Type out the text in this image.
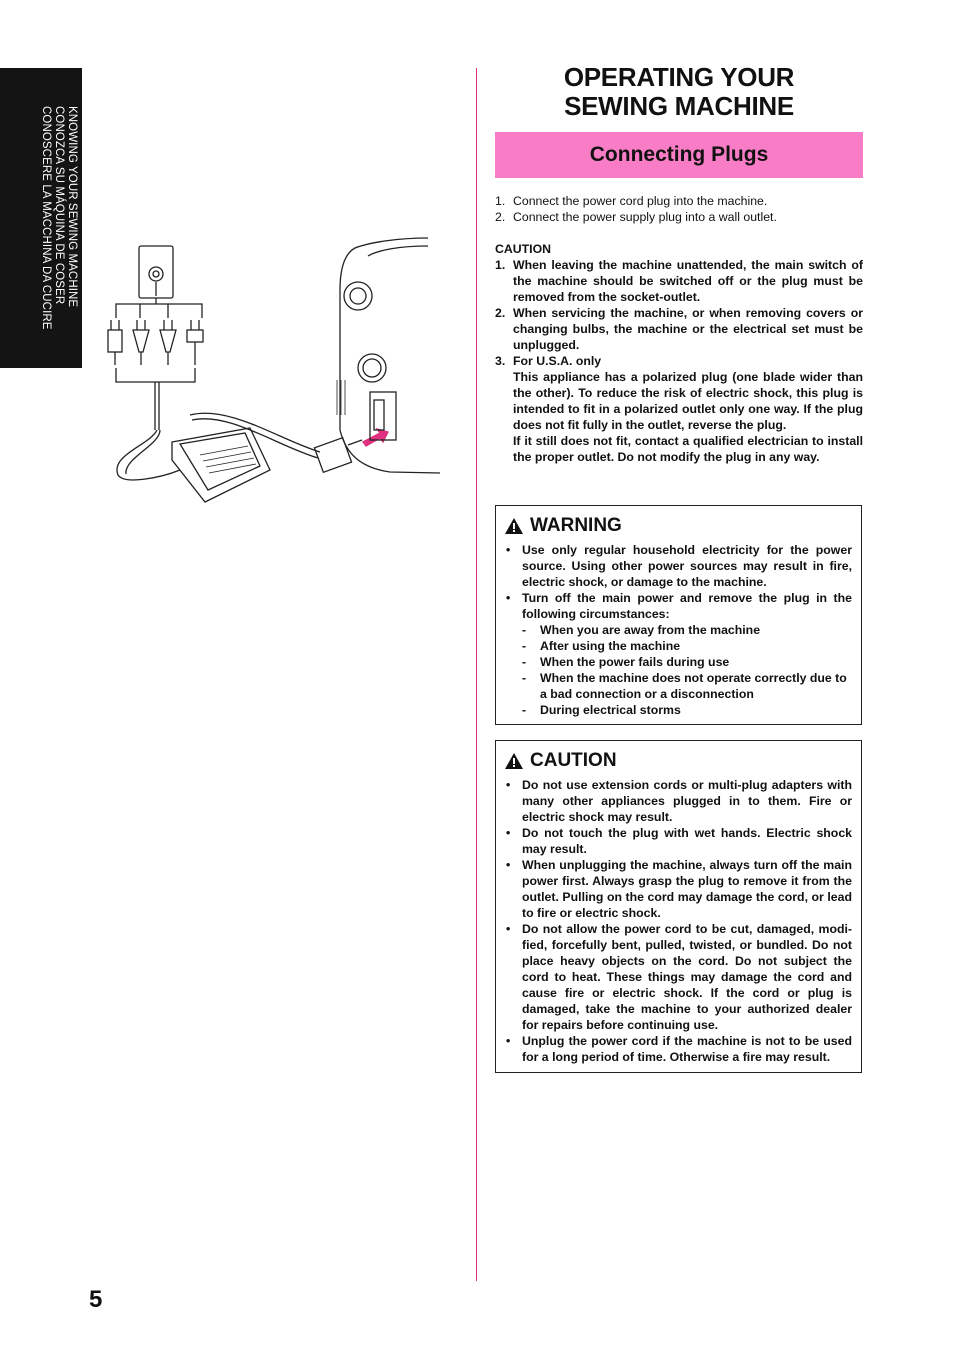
KNOWING YOUR SEWING MACHINE
CONOZCA SU MÁQUINA DE COSER
CONOSCERE LA MACCHINA DA CUCIRE
5
OPERATING YOUR
SEWING MACHINE
Connecting Plugs
1. Connect the power cord plug into the machine.
2. Connect the power supply plug into a wall outlet.
CAUTION
1. When leaving the machine unattended, the main switch of the machine should be switched off or the plug must be removed from the socket-outlet.
2. When servicing the machine, or when removing covers or changing bulbs, the machine or the electrical set must be unplugged.
3. For U.S.A. only

This appliance has a polarized plug (one blade wider than the other). To reduce the risk of electric shock, this plug is intended to fit in a polarized outlet only one way. If the plug does not fit fully in the outlet, reverse the plug.

If it still does not fit, contact a qualified electrician to install the proper outlet. Do not modify the plug in any way.

WARNING
• Use only regular household electricity for the power source. Using other power sources may result in fire, electric shock, or damage to the machine.
• Turn off the main power and remove the plug in the following circumstances:
-	When you are away from the machine
-	After using the machine
-	When the power fails during use
-	When the machine does not operate correctly due to a bad connection or a disconnection
-	During electrical storms
CAUTION
• Do not use extension cords or multi-plug adapters with many other appliances plugged in to them. Fire or electric shock may result.
• Do not touch the plug with wet hands. Electric shock may result.
• When unplugging the machine, always turn off the main power first. Always grasp the plug to remove it from the outlet. Pulling on the cord may damage the cord, or lead to fire or electric shock.
• Do not allow the power cord to be cut, damaged, modi-fied, forcefully bent, pulled, twisted, or bundled. Do not place heavy objects on the cord. Do not subject the cord to heat. These things may damage the cord and cause fire or electric shock. If the cord or plug is damaged, take the machine to your authorized dealer for repairs before continuing use.
• Unplug the power cord if the machine is not to be used for a long period of time. Otherwise a fire may result.
